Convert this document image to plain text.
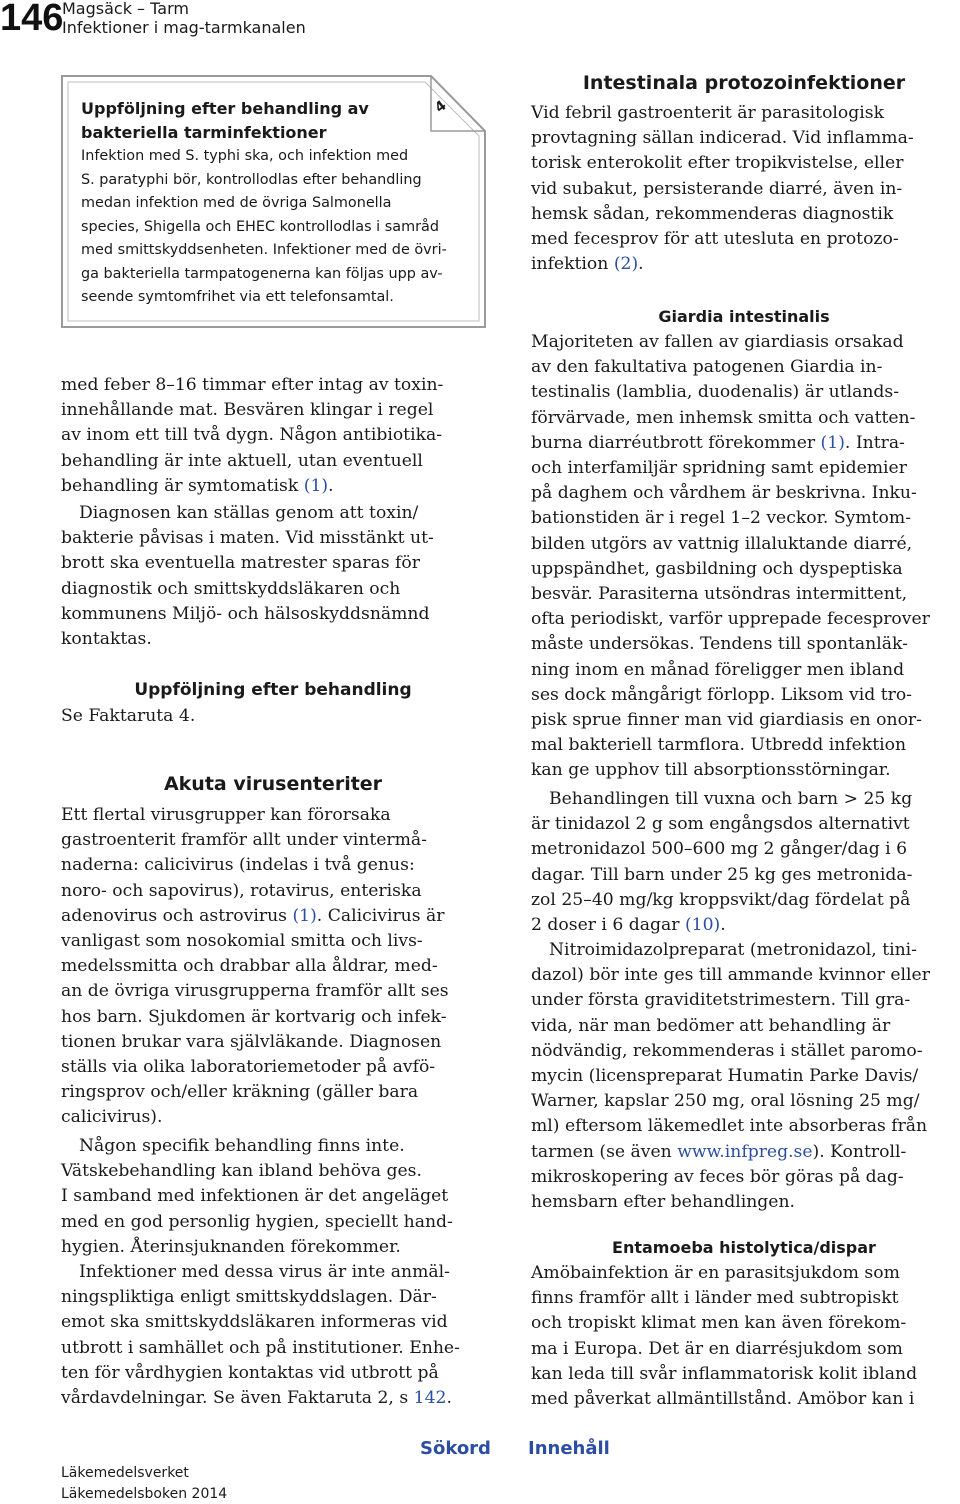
146
Magsäck – Tarm
Infektioner i mag-tarmkanalen

Uppföljning efter behandling av
bakteriella tarminfektioner

Infektion med S. typhi ska, och infektion med
S. paratyphi bör, kontrollodlas efter behandling
medan infektion med de övriga Salmonella
species, Shigella och EHEC kontrollodlas i samråd
med smittskyddsenheten. Infektioner med de övri-
ga bakteriella tarmpatogenerna kan följas upp av-
seende symtomfrihet via ett telefonsamtal.

4

med feber 8–16 timmar efter intag av toxin-
innehållande mat. Besvären klingar i regel
av inom ett till två dygn. Någon antibiotika-
behandling är inte aktuell, utan eventuell
behandling är symtomatisk (1).

Diagnosen kan ställas genom att toxin/
bakterie påvisas i maten. Vid misstänkt ut-
brott ska eventuella matrester sparas för
diagnostik och smittskyddsläkaren och
kommunens Miljö- och hälsoskyddsnämnd
kontaktas.

Uppföljning efter behandling

Se Faktaruta 4.

Akuta virusenteriter

Ett flertal virusgrupper kan förorsaka
gastroenterit framför allt under vintermå-
naderna: calicivirus (indelas i två genus:
noro- och sapovirus), rotavirus, enteriska
adenovirus och astrovirus (1). Calicivirus är
vanligast som nosokomial smitta och livs-
medelssmitta och drabbar alla åldrar, med-
an de övriga virusgrupperna framför allt ses
hos barn. Sjukdomen är kortvarig och infek-
tionen brukar vara självläkande. Diagnosen
ställs via olika laboratoriemetoder på avfö-
ringsprov och/eller kräkning (gäller bara
calicivirus).

Någon specifik behandling finns inte.
Vätskebehandling kan ibland behöva ges.
I samband med infektionen är det angeläget
med en god personlig hygien, speciellt hand-
hygien. Återinsjuknanden förekommer.

Infektioner med dessa virus är inte anmäl-
ningspliktiga enligt smittskyddslagen. Där-
emot ska smittskyddsläkaren informeras vid
utbrott i samhället och på institutioner. Enhe-
ten för vårdhygien kontaktas vid utbrott på
vårdavdelningar. Se även Faktaruta 2, s 142.

Intestinala protozoinfektioner

Vid febril gastroenterit är parasitologisk
provtagning sällan indicerad. Vid inflamma-
torisk enterokolit efter tropikvistelse, eller
vid subakut, persisterande diarré, även in-
hemsk sådan, rekommenderas diagnostik
med fecesprov för att utesluta en protozo-
infektion (2).

Giardia intestinalis

Majoriteten av fallen av giardiasis orsakad
av den fakultativa patogenen Giardia in-
testinalis (lamblia, duodenalis) är utlands-
förvärvade, men inhemsk smitta och vatten-
burna diarréutbrott förekommer (1). Intra-
och interfamiljär spridning samt epidemier
på daghem och vårdhem är beskrivna. Inku-
bationstiden är i regel 1–2 veckor. Symtom-
bilden utgörs av vattnig illaluktande diarré,
uppspändhet, gasbildning och dyspeptiska
besvär. Parasiterna utsöndras intermittent,
ofta periodiskt, varför upprepade fecesprover
måste undersökas. Tendens till spontanläk-
ning inom en månad föreligger men ibland
ses dock mångårigt förlopp. Liksom vid tro-
pisk sprue finner man vid giardiasis en onor-
mal bakteriell tarmflora. Utbredd infektion
kan ge upphov till absorptionsstörningar.

Behandlingen till vuxna och barn > 25 kg
är tinidazol 2 g som engångsdos alternativt
metronidazol 500–600 mg 2 gånger/dag i 6
dagar. Till barn under 25 kg ges metronida-
zol 25–40 mg/kg kroppsvikt/dag fördelat på
2 doser i 6 dagar (10).

Nitroimidazolpreparat (metronidazol, tini-
dazol) bör inte ges till ammande kvinnor eller
under första graviditetstrimestern. Till gra-
vida, när man bedömer att behandling är
nödvändig, rekommenderas i stället paromo-
mycin (licenspreparat Humatin Parke Davis/
Warner, kapslar 250 mg, oral lösning 25 mg/
ml) eftersom läkemedlet inte absorberas från
tarmen (se även www.infpreg.se). Kontroll-
mikroskopering av feces bör göras på dag-
hemsbarn efter behandlingen.

Entamoeba histolytica/dispar

Amöbainfektion är en parasitsjukdom som
finns framför allt i länder med subtropiskt
och tropiskt klimat men kan även förekom-
ma i Europa. Det är en diarrésjukdom som
kan leda till svår inflammatorisk kolit ibland
med påverkat allmäntillstånd. Amöbor kan i

Sökord Innehåll
Läkemedelsverket
Läkemedelsboken 2014
